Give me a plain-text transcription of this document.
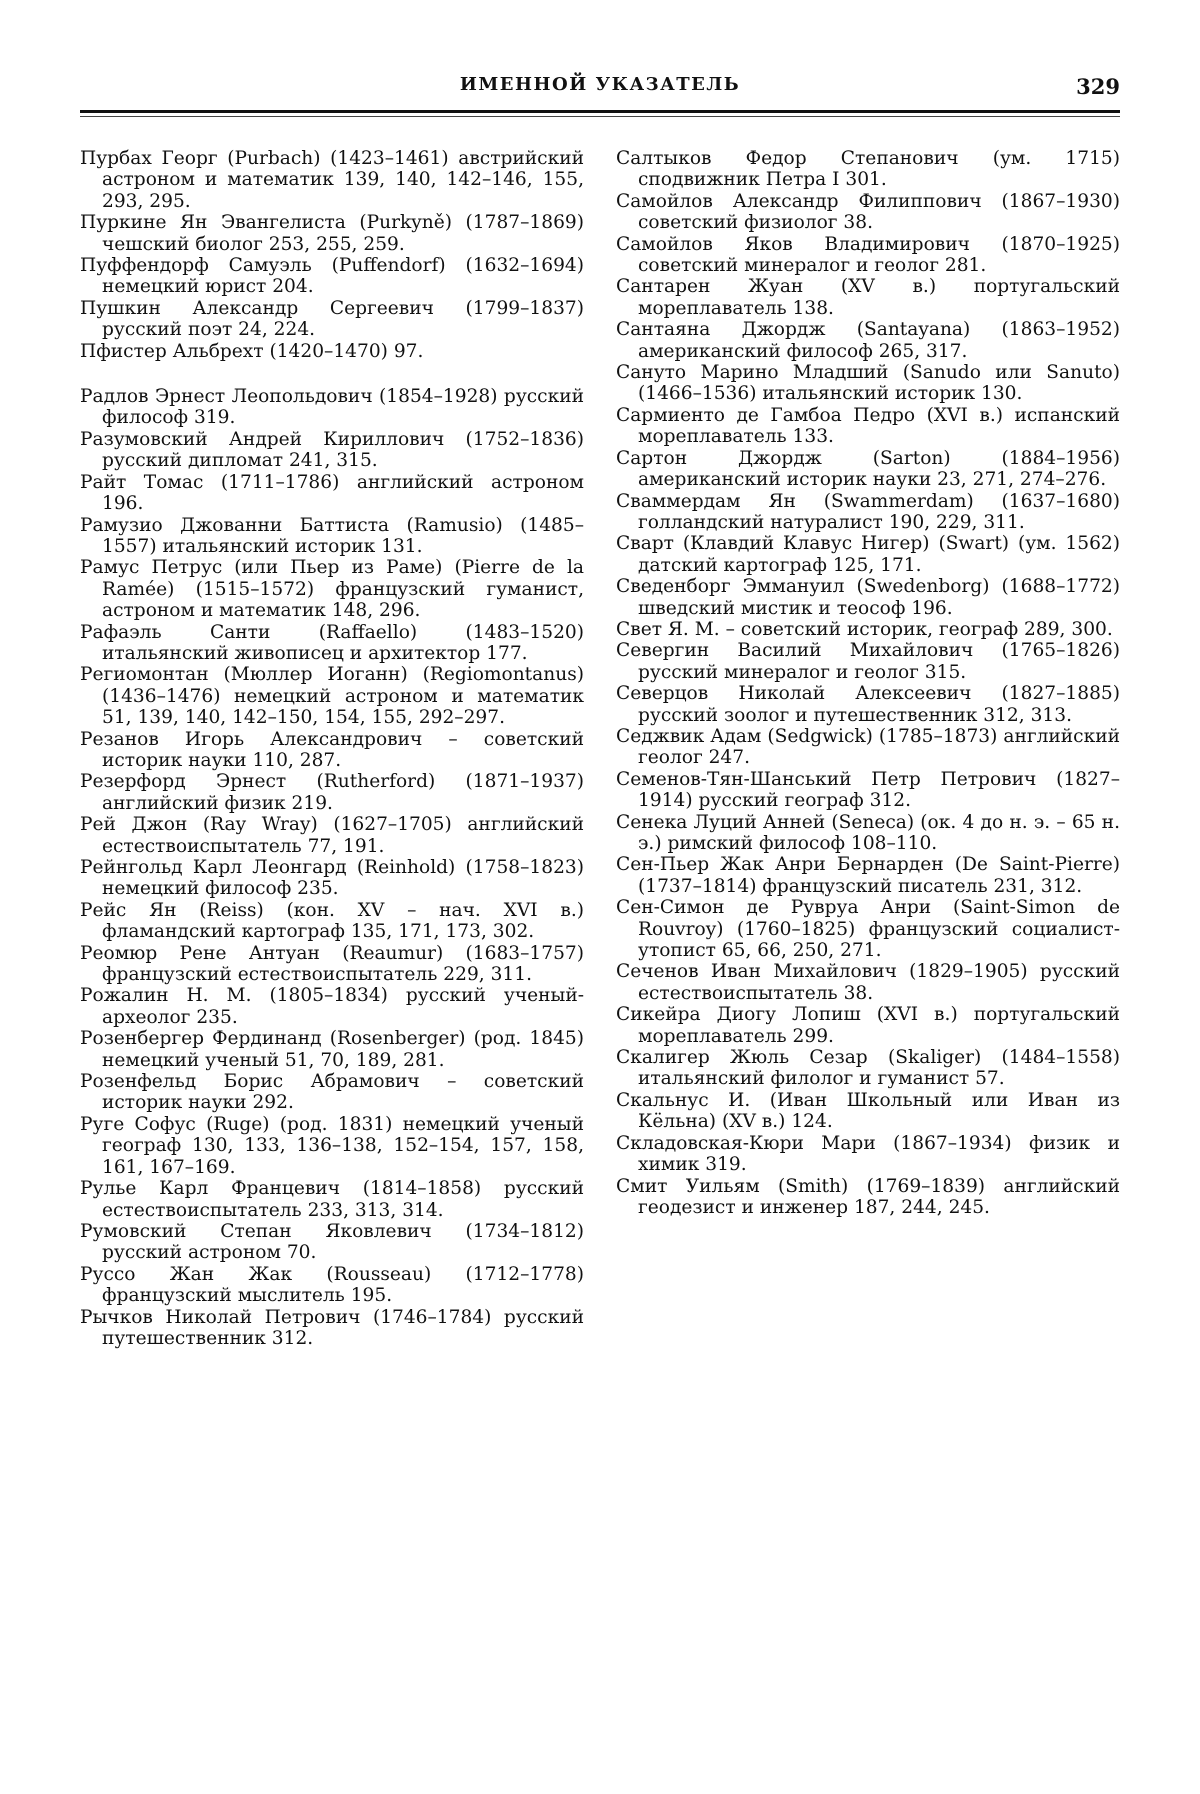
ИМЕННОЙ УКАЗАТЕЛЬ	329
Пурбах Георг (Purbach) (1423–1461) австрийский астроном и математик 139, 140, 142–146, 155, 293, 295.
Пуркине Ян Эвангелиста (Purkyně) (1787–1869) чешский биолог 253, 255, 259.
Пуффендорф Самуэль (Puffendorf) (1632–1694) немецкий юрист 204.
Пушкин Александр Сергеевич (1799–1837) русский поэт 24, 224.
Пфистер Альбрехт (1420–1470) 97.
Радлов Эрнест Леопольдович (1854–1928) русский философ 319.
Разумовский Андрей Кириллович (1752–1836) русский дипломат 241, 315.
Райт Томас (1711–1786) английский астроном 196.
Рамузио Джованни Баттиста (Ramusio) (1485–1557) итальянский историк 131.
Рамус Петрус (или Пьер из Раме) (Pierre de la Ramée) (1515–1572) французский гуманист, астроном и математик 148, 296.
Рафаэль Санти (Raffaello) (1483–1520) итальянский живописец и архитектор 177.
Региомонтан (Мюллер Иоганн) (Regiomontanus) (1436–1476) немецкий астроном и математик 51, 139, 140, 142–150, 154, 155, 292–297.
Резанов Игорь Александрович – советский историк науки 110, 287.
Резерфорд Эрнест (Rutherford) (1871–1937) английский физик 219.
Рей Джон (Ray Wray) (1627–1705) английский естествоиспытатель 77, 191.
Рейнгольд Карл Леонгард (Reinhold) (1758–1823) немецкий философ 235.
Рейс Ян (Reiss) (кон. XV – нач. XVI в.) фламандский картограф 135, 171, 173, 302.
Реомюр Рене Антуан (Reaumur) (1683–1757) французский естествоиспытатель 229, 311.
Рожалин Н. М. (1805–1834) русский ученый-археолог 235.
Розенбергер Фердинанд (Rosenberger) (род. 1845) немецкий ученый 51, 70, 189, 281.
Розенфельд Борис Абрамович – советский историк науки 292.
Руге Софус (Ruge) (род. 1831) немецкий ученый географ 130, 133, 136–138, 152–154, 157, 158, 161, 167–169.
Рулье Карл Францевич (1814–1858) русский естествоиспытатель 233, 313, 314.
Румовский Степан Яковлевич (1734–1812) русский астроном 70.
Руссо Жан Жак (Rousseau) (1712–1778) французский мыслитель 195.
Рычков Николай Петрович (1746–1784) русский путешественник 312.
Салтыков Федор Степанович (ум. 1715) сподвижник Петра I 301.
Самойлов Александр Филиппович (1867–1930) советский физиолог 38.
Самойлов Яков Владимирович (1870–1925) советский минералог и геолог 281.
Сантарен Жуан (XV в.) португальский мореплаватель 138.
Сантаяна Джордж (Santayana) (1863–1952) американский философ 265, 317.
Сануто Марино Младший (Sanudo или Sanuto) (1466–1536) итальянский историк 130.
Сармиенто де Гамбоа Педро (XVI в.) испанский мореплаватель 133.
Сартон Джордж (Sarton) (1884–1956) американский историк науки 23, 271, 274–276.
Сваммердам Ян (Swammerdam) (1637–1680) голландский натуралист 190, 229, 311.
Сварт (Клавдий Клавус Нигер) (Swart) (ум. 1562) датский картограф 125, 171.
Сведенборг Эммануил (Swedenborg) (1688–1772) шведский мистик и теософ 196.
Свет Я. М. – советский историк, географ 289, 300.
Севергин Василий Михайлович (1765–1826) русский минералог и геолог 315.
Северцов Николай Алексеевич (1827–1885) русский зоолог и путешественник 312, 313.
Седжвик Адам (Sedgwick) (1785–1873) английский геолог 247.
Семенов-Тян-Шанський Петр Петрович (1827–1914) русский географ 312.
Сенека Луций Анней (Seneca) (ок. 4 до н. э. – 65 н. э.) римский философ 108–110.
Сен-Пьер Жак Анри Бернарден (De Saint-Pierre) (1737–1814) французский писатель 231, 312.
Сен-Симон де Рувруа Анри (Saint-Simon de Rouvroy) (1760–1825) французский социалист-утопист 65, 66, 250, 271.
Сеченов Иван Михайлович (1829–1905) русский естествоиспытатель 38.
Сикейра Диогу Лопиш (XVI в.) португальский мореплаватель 299.
Скалигер Жюль Сезар (Skaliger) (1484–1558) итальянский филолог и гуманист 57.
Скальнус И. (Иван Школьный или Иван из Кёльна) (XV в.) 124.
Складовская-Кюри Мари (1867–1934) физик и химик 319.
Смит Уильям (Smith) (1769–1839) английский геодезист и инженер 187, 244, 245.
